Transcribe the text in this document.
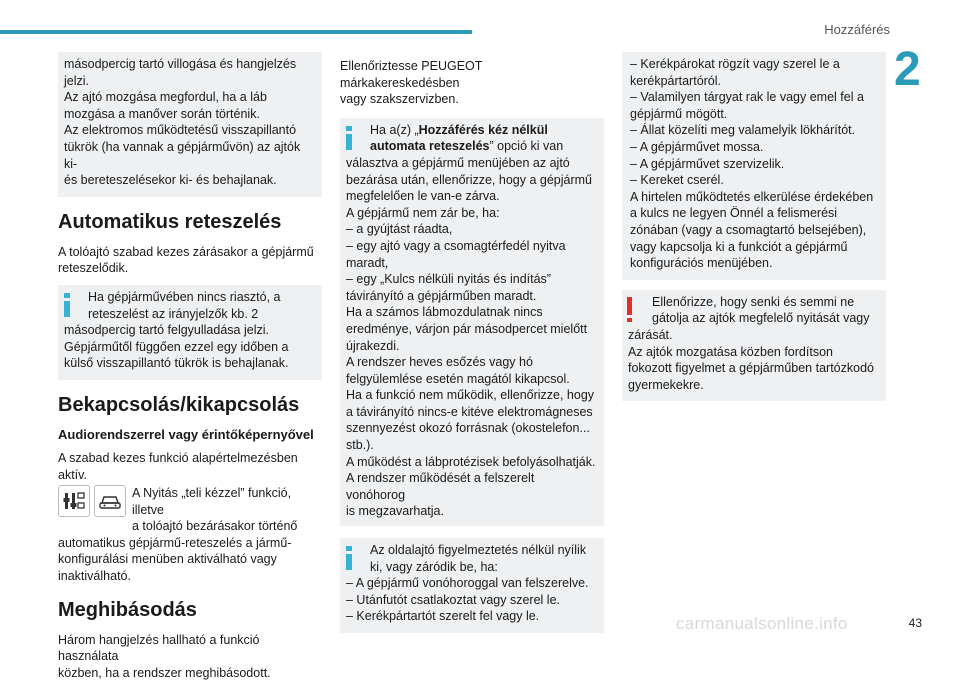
Hozzáférés
2
másodpercig tartó villogása és hangjelzés
jelzi.
Az ajtó mozgása megfordul, ha a láb
mozgása a manőver során történik.
Az elektromos működtetésű visszapillantó
tükrök (ha vannak a gépjárművön) az ajtók ki-
és bereteszelésekor ki- és behajlanak.
Automatikus reteszelés
A tolóajtó szabad kezes zárásakor a gépjármű
reteszelődik.
Ha gépjárművében nincs riasztó, a
reteszelést az irányjelzők kb. 2
másodpercig tartó felgyulladása jelzi.
Gépjárműtől függően ezzel egy időben a
külső visszapillantó tükrök is behajlanak.
Bekapcsolás/kikapcsolás
Audiorendszerrel vagy érintőképernyővel
A szabad kezes funkció alapértelmezésben
aktív.
A Nyitás „teli kézzel” funkció, illetve
a tolóajtó bezárásakor történő
automatikus gépjármű-reteszelés a jármű-
konfigurálási menüben aktiválható vagy
inaktiválható.
Meghibásodás
Három hangjelzés hallható a funkció használata
közben, ha a rendszer meghibásodott.
Ellenőriztesse PEUGEOT márkakereskedésben
vagy szakszervizben.
Ha a(z) „Hozzáférés kéz nélkül
automata reteszelés” opció ki van
választva a gépjármű menüjében az ajtó
bezárása után, ellenőrizze, hogy a gépjármű
megfelelően le van-e zárva.
A gépjármű nem zár be, ha:
– a gyújtást ráadta,
– egy ajtó vagy a csomagtérfedél nyitva
maradt,
– egy „Kulcs nélküli nyitás és indítás”
távirányító a gépjárműben maradt.
Ha a számos lábmozdulatnak nincs
eredménye, várjon pár másodpercet mielőtt
újrakezdi.
A rendszer heves esőzés vagy hó
felgyülemlése esetén magától kikapcsol.
Ha a funkció nem működik, ellenőrizze, hogy
a távirányító nincs-e kitéve elektromágneses
szennyezést okozó forrásnak (okostelefon...
stb.).
A működést a lábprotézisek befolyásolhatják.
A rendszer működését a felszerelt vonóhorog
is megzavarhatja.
Az oldalajtó figyelmeztetés nélkül nyílik
ki, vagy záródik be, ha:
– A gépjármű vonóhoroggal van felszerelve.
– Utánfutót csatlakoztat vagy szerel le.
– Kerékpártartót szerelt fel vagy le.
– Kerékpárokat rögzít vagy szerel le a
kerékpártartóról.
– Valamilyen tárgyat rak le vagy emel fel a
gépjármű mögött.
– Állat közelíti meg valamelyik lökhárítót.
– A gépjárművet mossa.
– A gépjárművet szervizelik.
– Kereket cserél.
A hirtelen működtetés elkerülése érdekében
a kulcs ne legyen Önnél a felismerési
zónában (vagy a csomagtartó belsejében),
vagy kapcsolja ki a funkciót a gépjármű
konfigurációs menüjében.
Ellenőrizze, hogy senki és semmi ne
gátolja az ajtók megfelelő nyitását vagy
zárását.
Az ajtók mozgatása közben fordítson
fokozott figyelmet a gépjárműben tartózkodó
gyermekekre.
carmanualsonline.info	43
